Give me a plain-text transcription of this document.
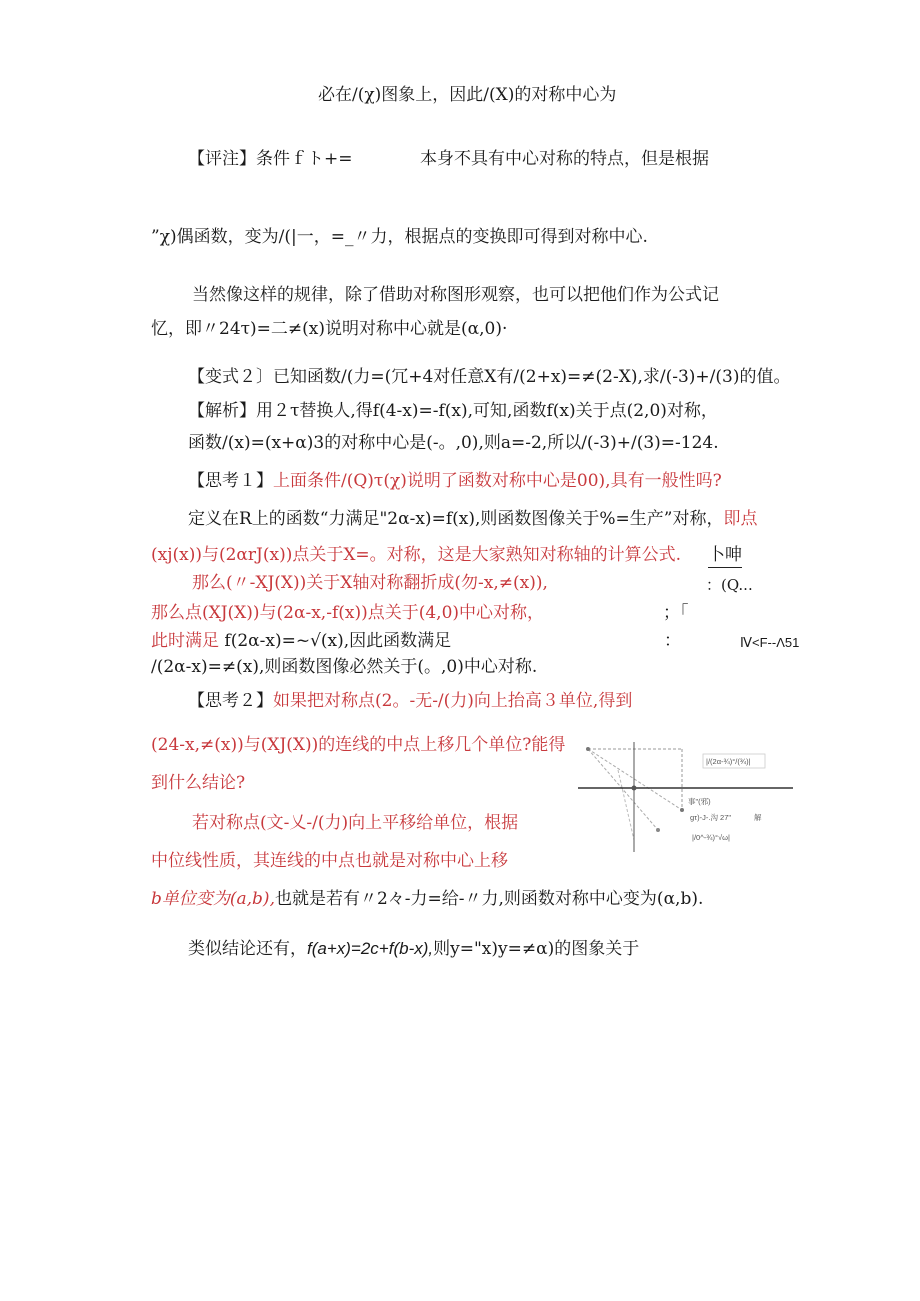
必在/(χ)图象上，因此/(X)的对称中心为
【评注】条件ｆト+=	本身不具有中心对称的特点，但是根据
”χ)偶函数，变为/(|一，=_〃力，根据点的变换即可得到对称中心.
当然像这样的规律，除了借助对称图形观察，也可以把他们作为公式记
忆，即〃24τ)=二≠(x)说明对称中心就是(α,0)·
【变式２〕已知函数/(力=(冗+4对任意X有/(2+x)=≠(2-X),求/(-3)+/(3)的值。
【解析】用２τ替换人,得f(4-x)=-f(x),可知,函数f(x)关于点(2,0)对称，
函数/(x)=(x+α)3的对称中心是(-。,0),则a=-2,所以/(-3)+/(3)=-124.
【思考１】上面条件/(Q)τ(χ)说明了函数对称中心是00),具有一般性吗?
定义在R上的函数“力满足"2α-x)=f(x),则函数图像关于%=生产”对称，即点
(xj(x))与(2αrJ(x))点关于X=。对称，这是大家熟知对称轴的计算公式. 卜呻
那么(〃-XJ(X))关于X轴对称翻折成(勿-x,≠(x)),	：(Q...
那么点(XJ(X))与(2α-x,-f(x))点关于(4,0)中心对称，	；「
此时满足 f(2α-x)=~√(x),因此函数满足	：	Ⅳ<F--Λ51
/(2α-x)=≠(x),则函数图像必然关于(。,0)中心对称.
【思考２】如果把对称点(2。-无-/(力)向上抬高３单位,得到
(24-x,≠(x))与(XJ(X))的连线的中点上移几个单位?能得
到什么结论?
若对称点(文-乂-/(力)向上平移给单位，根据
中位线性质，其连线的中点也就是对称中心上移
b单位变为(a,b),也就是若有〃2々-力=给-〃力,则函数对称中心变为(α,b).
|/(2α-¾)°/(¾)|
事"(邪)
gτ)-J-.沟 27"	解
|/0^-¾)°√ω|
类似结论还有，f(a+x)=2c+f(b-x),则y="x)y=≠α)的图象关于
